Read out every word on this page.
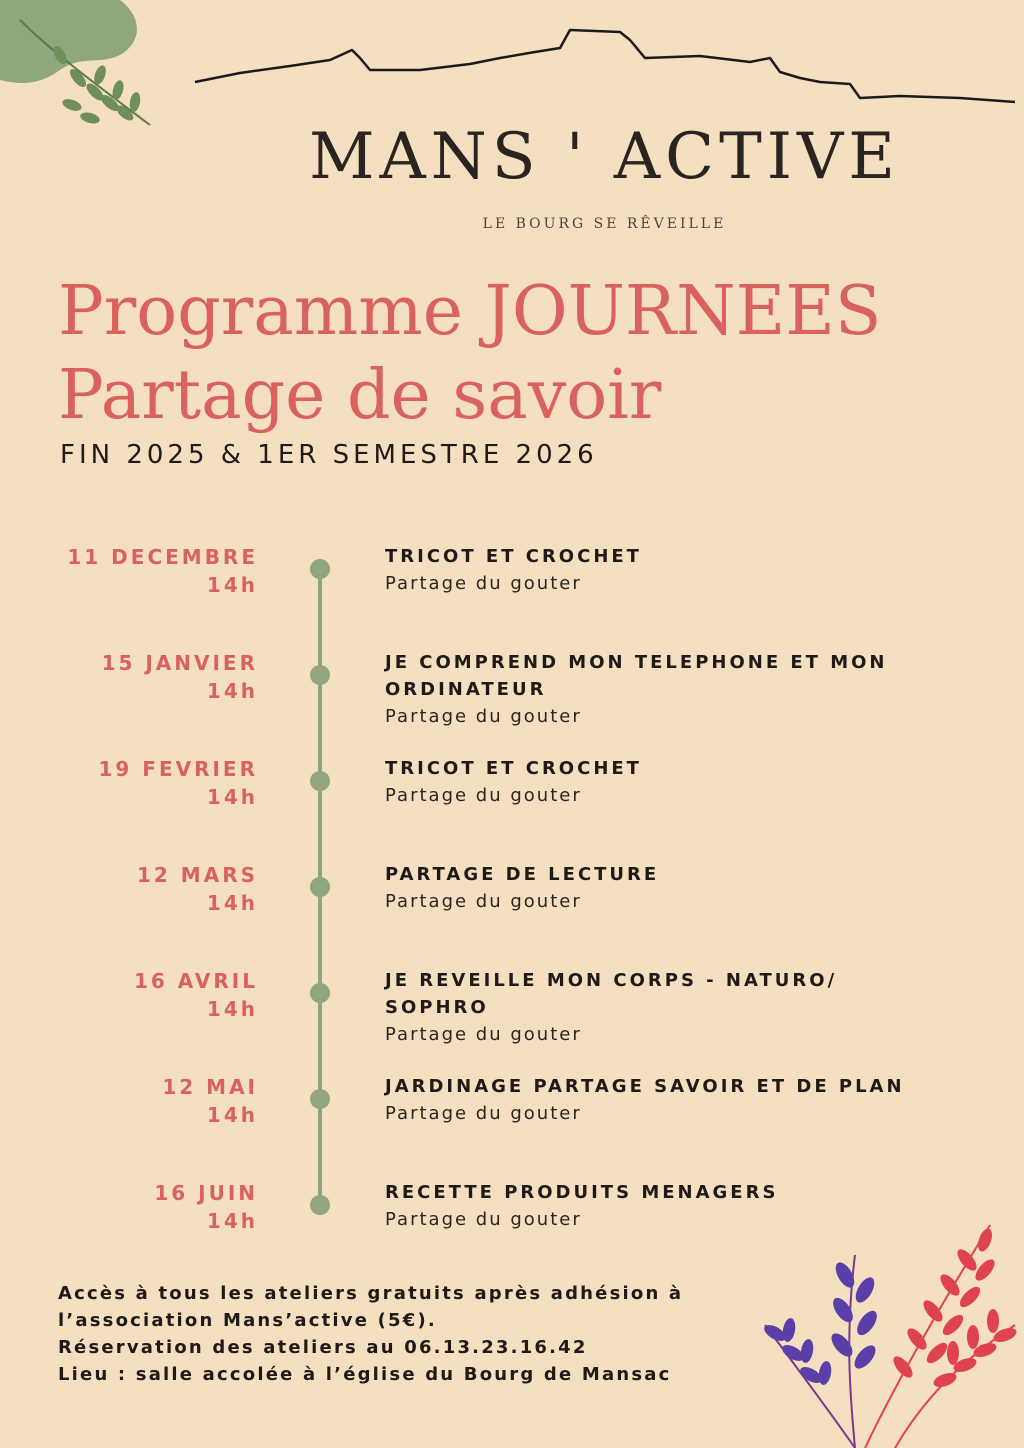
MANS ' ACTIVE
LE BOURG SE RÊVEILLE
Programme JOURNEES
Partage de savoir
FIN 2025 & 1ER SEMESTRE 2026
11 DECEMBRE
14h
TRICOT ET CROCHET
Partage du gouter
15 JANVIER
14h
JE COMPREND MON TELEPHONE ET MON ORDINATEUR
Partage du gouter
19 FEVRIER
14h
TRICOT ET CROCHET
Partage du gouter
12 MARS
14h
PARTAGE DE LECTURE
Partage du gouter
16 AVRIL
14h
JE REVEILLE MON CORPS - NATURO/ SOPHRO
Partage du gouter
12 MAI
14h
JARDINAGE PARTAGE SAVOIR ET DE PLAN
Partage du gouter
16 JUIN
14h
RECETTE PRODUITS MENAGERS
Partage du gouter
Accès à tous les ateliers gratuits après adhésion à
l’association Mans’active (5€).
Réservation des ateliers au 06.13.23.16.42
Lieu : salle accolée à l’église du Bourg de Mansac
